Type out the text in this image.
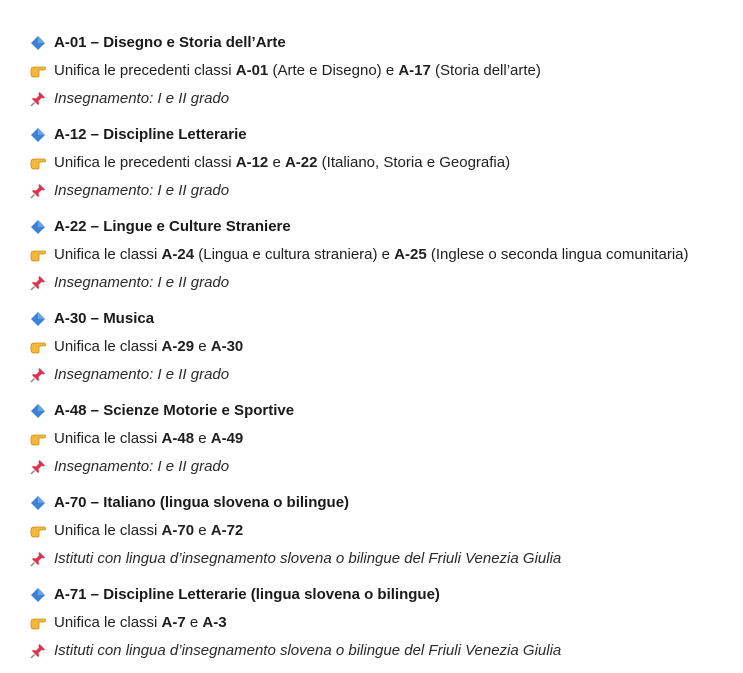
A-01 – Disegno e Storia dell’Arte
Unifica le precedenti classi A-01 (Arte e Disegno) e A-17 (Storia dell’arte)
Insegnamento: I e II grado
A-12 – Discipline Letterarie
Unifica le precedenti classi A-12 e A-22 (Italiano, Storia e Geografia)
Insegnamento: I e II grado
A-22 – Lingue e Culture Straniere
Unifica le classi A-24 (Lingua e cultura straniera) e A-25 (Inglese o seconda lingua comunitaria)
Insegnamento: I e II grado
A-30 – Musica
Unifica le classi A-29 e A-30
Insegnamento: I e II grado
A-48 – Scienze Motorie e Sportive
Unifica le classi A-48 e A-49
Insegnamento: I e II grado
A-70 – Italiano (lingua slovena o bilingue)
Unifica le classi A-70 e A-72
Istituti con lingua d’insegnamento slovena o bilingue del Friuli Venezia Giulia
A-71 – Discipline Letterarie (lingua slovena o bilingue)
Unifica le classi A-7 e A-3
Istituti con lingua d’insegnamento slovena o bilingue del Friuli Venezia Giulia
